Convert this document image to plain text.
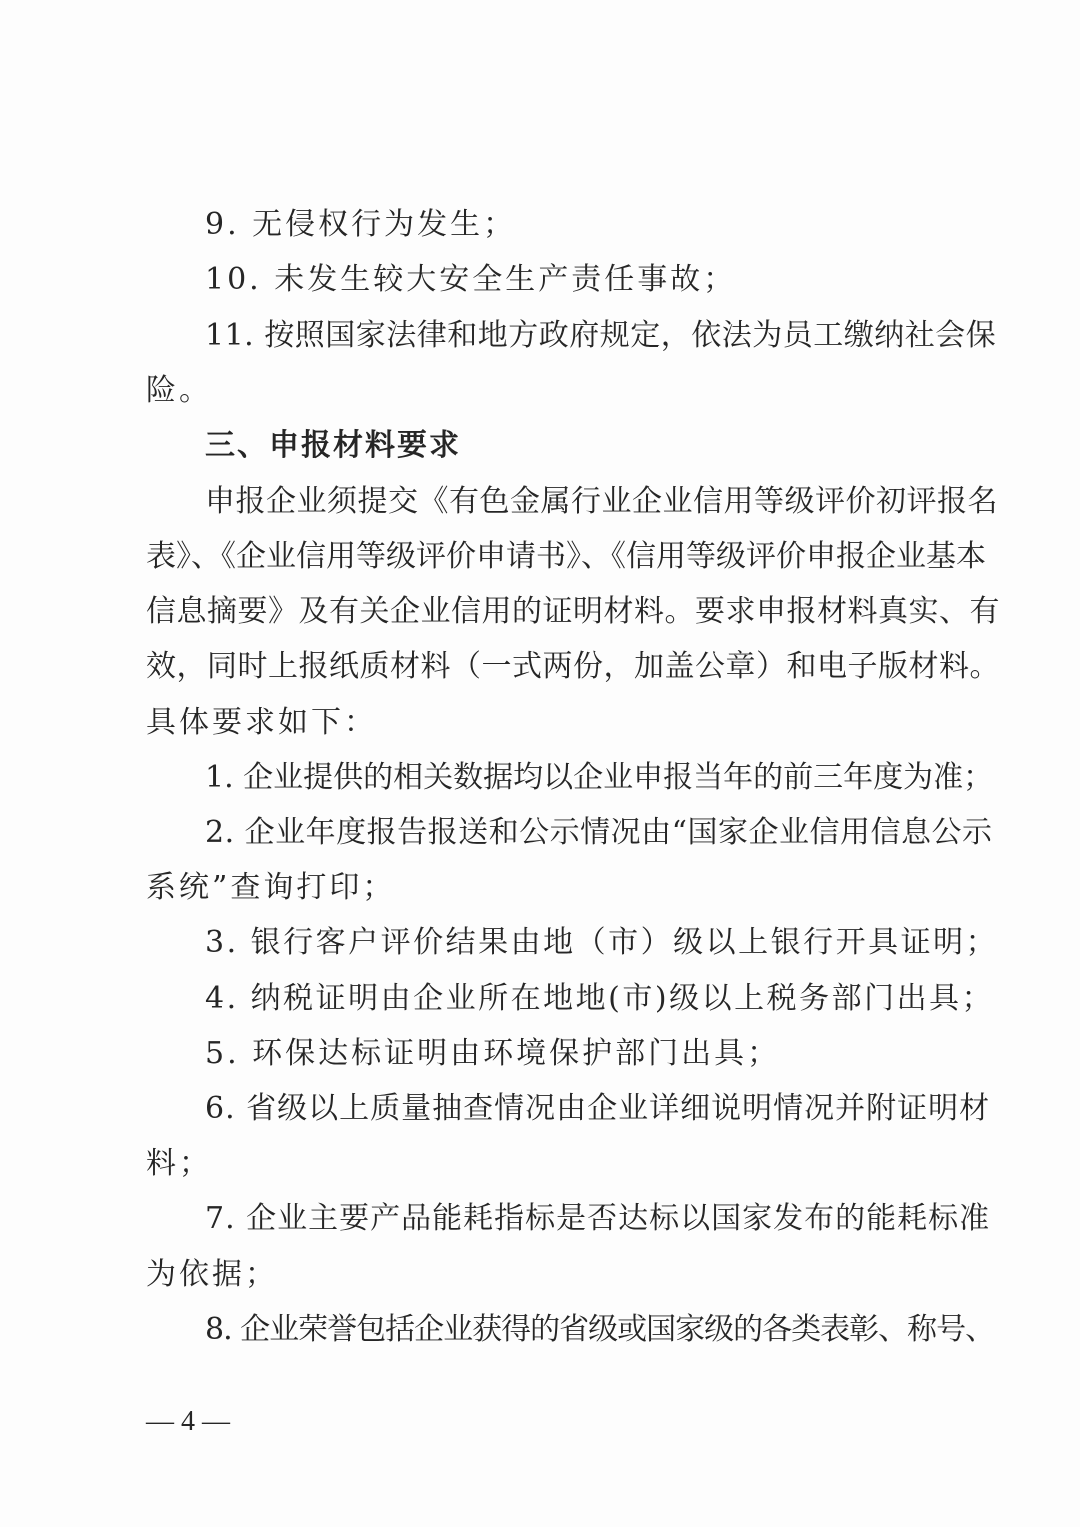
9. 无侵权行为发生；
10. 未发生较大安全生产责任事故；
11. 按照国家法律和地方政府规定，依法为员工缴纳社会保
险。
三、申报材料要求
申报企业须提交《有色金属行业企业信用等级评价初评报名
表》、《企业信用等级评价申请书》、《信用等级评价申报企业基本
信息摘要》及有关企业信用的证明材料。要求申报材料真实、有
效，同时上报纸质材料（一式两份，加盖公章）和电子版材料。
具体要求如下：
1. 企业提供的相关数据均以企业申报当年的前三年度为准；
2. 企业年度报告报送和公示情况由“国家企业信用信息公示
系统”查询打印；
3. 银行客户评价结果由地（市）级以上银行开具证明；
4. 纳税证明由企业所在地地(市)级以上税务部门出具；
5. 环保达标证明由环境保护部门出具；
6. 省级以上质量抽查情况由企业详细说明情况并附证明材
料；
7. 企业主要产品能耗指标是否达标以国家发布的能耗标准
为依据；
8. 企业荣誉包括企业获得的省级或国家级的各类表彰、称号、
— 4 —
